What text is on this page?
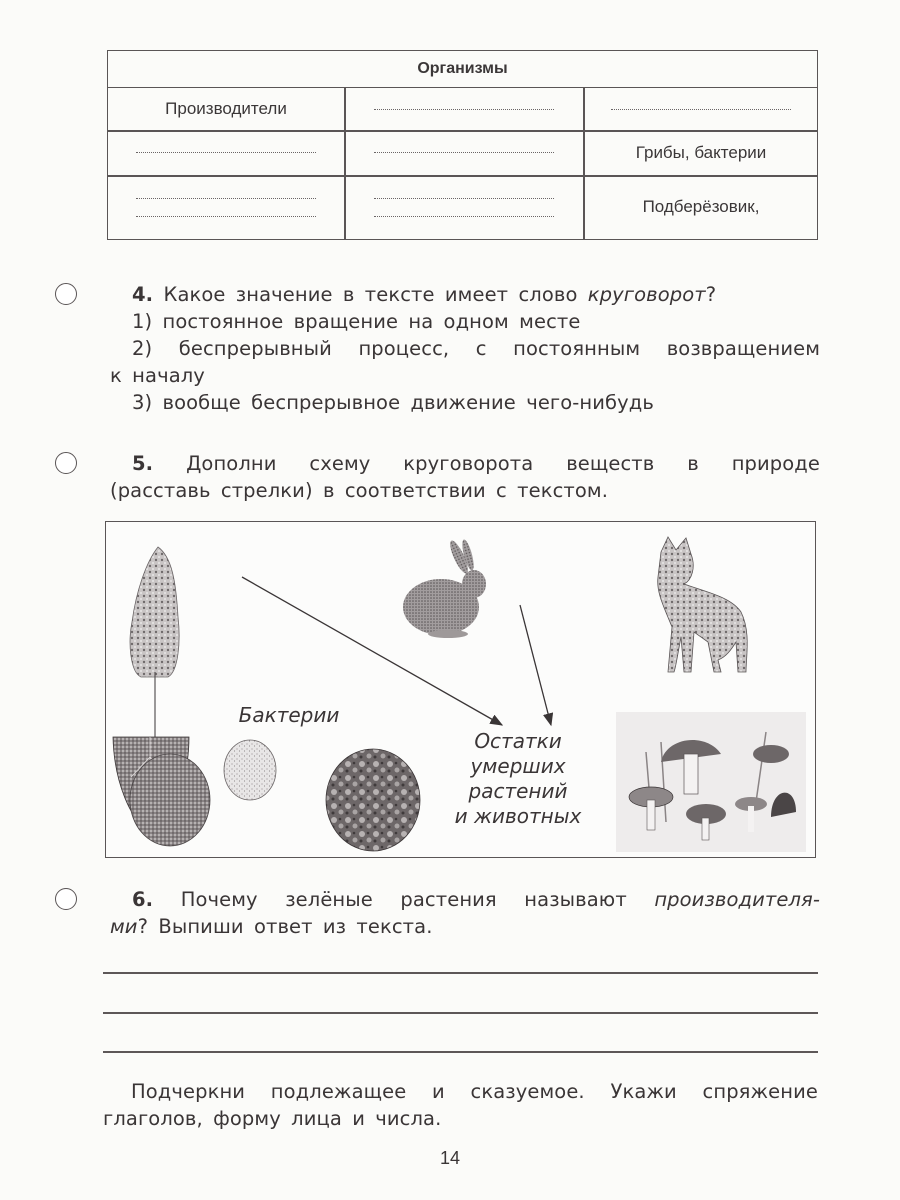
Организмы
Производители
Грибы, бактерии
Подберёзовик,
4. Какое значение в тексте имеет слово круговорот?
1) постоянное вращение на одном месте
2) беспрерывный процесс, с постоянным возвращением
к началу
3) вообще беспрерывное движение чего-нибудь
5. Дополни схему круговорота веществ в природе
(расставь стрелки) в соответствии с текстом.
Бактерии
Остатки
умерших
растений
и животных
6. Почему зелёные растения называют производителя-
ми? Выпиши ответ из текста.
Подчеркни подлежащее и сказуемое. Укажи спряжение
глаголов, форму лица и числа.
14
